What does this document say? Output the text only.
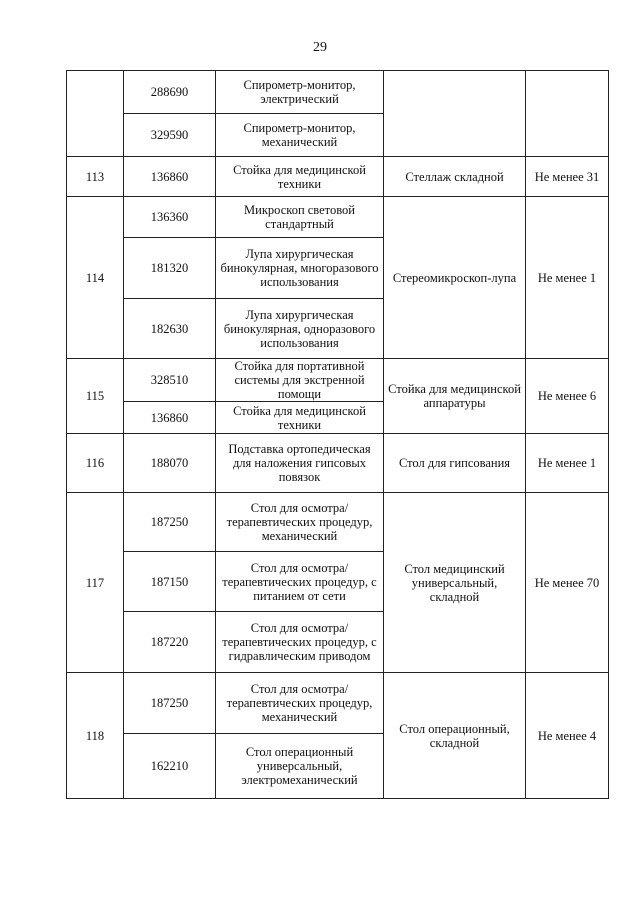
29
	288690	Спирометр-монитор, электрический		
	329590	Спирометр-монитор, механический		
113	136860	Стойка для медицинской техники	Стеллаж складной	Не менее 31
114	136360	Микроскоп световой стандартный	Стереомикроскоп-лупа	Не менее 1
	181320	Лупа хирургическая бинокулярная, многоразового использования		
	182630	Лупа хирургическая бинокулярная, одноразового использования		
115	328510	Стойка для портативной системы для экстренной помощи	Стойка для медицинской аппаратуры	Не менее 6
	136860	Стойка для медицинской техники		
116	188070	Подставка ортопедическая для наложения гипсовых повязок	Стол для гипсования	Не менее 1
117	187250	Стол для осмотра/терапевтических процедур, механический	Стол медицинский универсальный, складной	Не менее 70
	187150	Стол для осмотра/терапевтических процедур, с питанием от сети		
	187220	Стол для осмотра/терапевтических процедур, с гидравлическим приводом		
118	187250	Стол для осмотра/терапевтических процедур, механический	Стол операционный, складной	Не менее 4
	162210	Стол операционный универсальный, электромеханический		
